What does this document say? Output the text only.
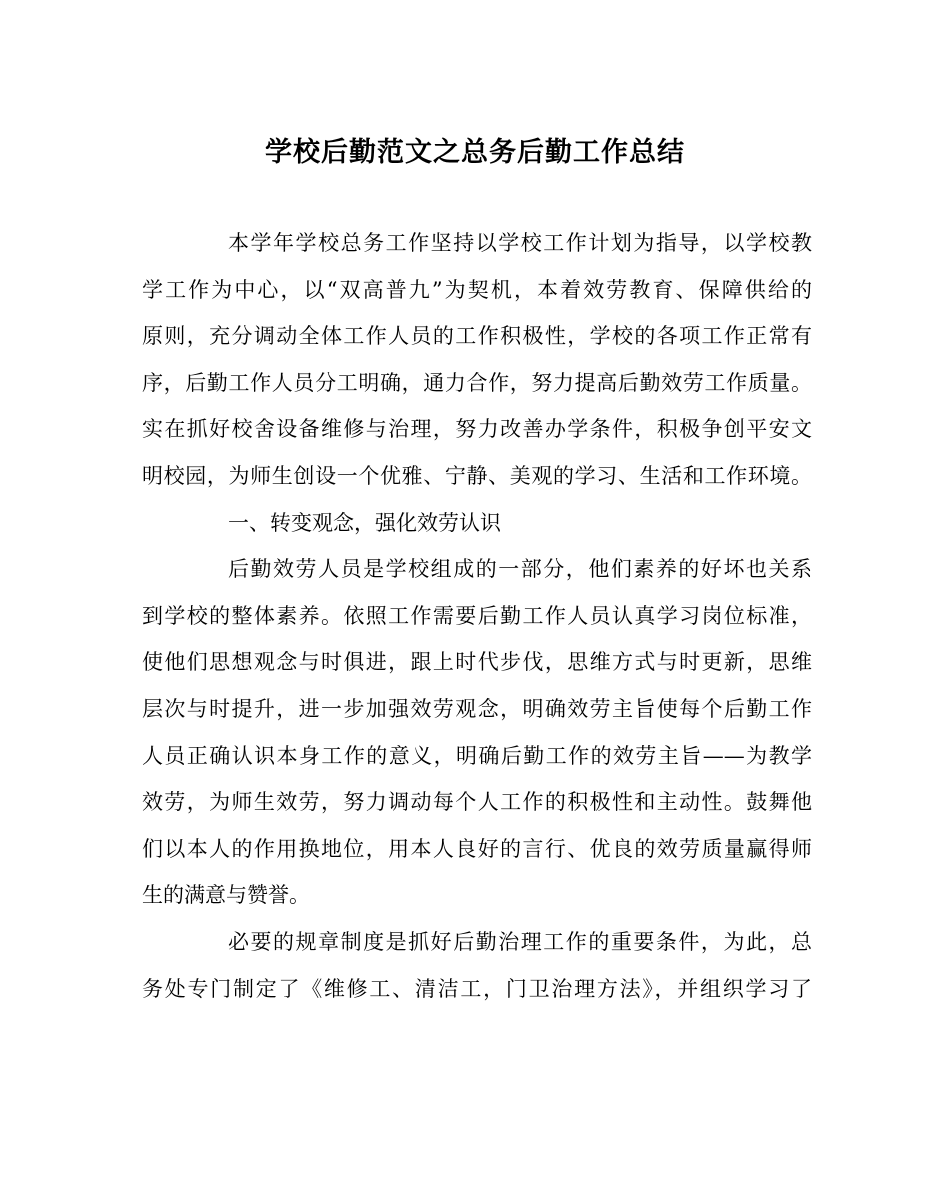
学校后勤范文之总务后勤工作总结

本学年学校总务工作坚持以学校工作计划为指导，以学校教
学工作为中心，以“双高普九”为契机，本着效劳教育、保障供给的
原则，充分调动全体工作人员的工作积极性，学校的各项工作正常有
序，后勤工作人员分工明确，通力合作，努力提高后勤效劳工作质量。
实在抓好校舍设备维修与治理，努力改善办学条件，积极争创平安文
明校园，为师生创设一个优雅、宁静、美观的学习、生活和工作环境。

一、转变观念，强化效劳认识

后勤效劳人员是学校组成的一部分，他们素养的好坏也关系
到学校的整体素养。依照工作需要后勤工作人员认真学习岗位标准，
使他们思想观念与时俱进，跟上时代步伐，思维方式与时更新，思维
层次与时提升，进一步加强效劳观念，明确效劳主旨使每个后勤工作
人员正确认识本身工作的意义，明确后勤工作的效劳主旨——为教学
效劳，为师生效劳，努力调动每个人工作的积极性和主动性。鼓舞他
们以本人的作用换地位，用本人良好的言行、优良的效劳质量赢得师
生的满意与赞誉。

必要的规章制度是抓好后勤治理工作的重要条件，为此，总
务处专门制定了《维修工、清洁工，门卫治理方法》，并组织学习了
